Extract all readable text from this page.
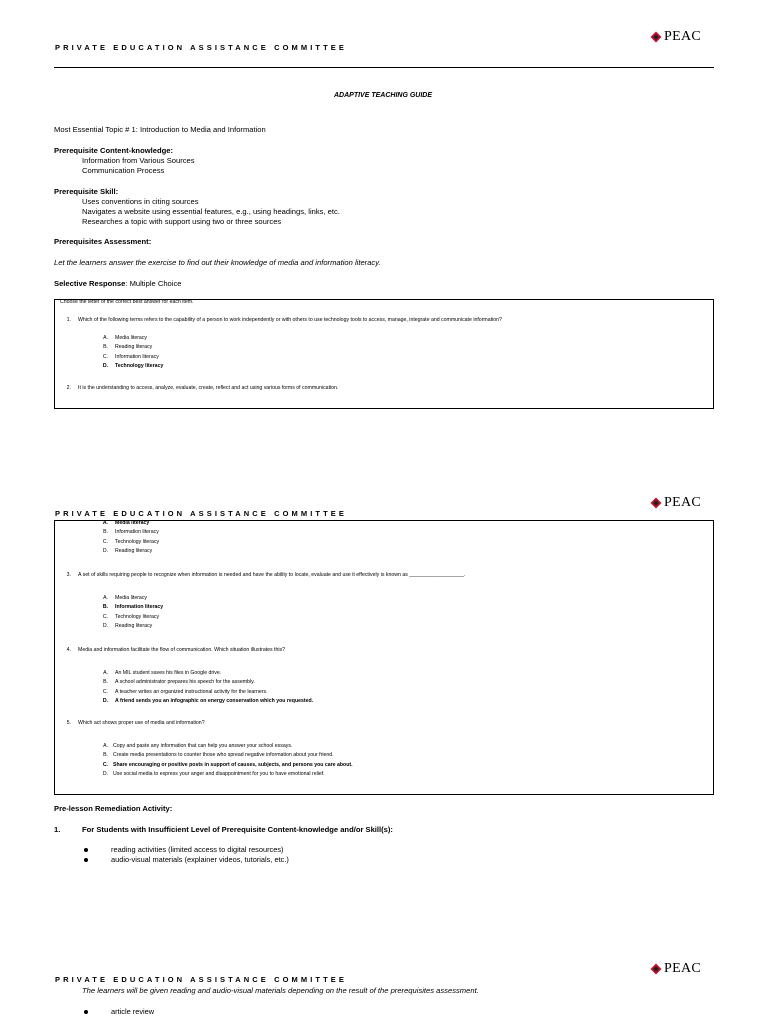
PRIVATE EDUCATION ASSISTANCE COMMITTEE
PEAC
ADAPTIVE TEACHING GUIDE
Most Essential Topic # 1: Introduction to Media and Information
Prerequisite Content-knowledge:
Information from Various Sources
Communication Process
Prerequisite Skill:
Uses conventions in citing sources
Navigates a website using essential features, e.g., using headings, links, etc.
Researches a topic with support using two or three sources
Prerequisites Assessment:
Let the learners answer the exercise to find out their knowledge of media and information literacy.
Selective Response: Multiple Choice
Choose the letter of the correct best answer for each item.
1. Which of the following terms refers to the capability of a person to work independently or with others to use technology tools to access, manage, integrate and communicate information?
A. Media literacy
B. Reading literacy
C. Information literacy
D. Technology literacy
2. It is the understanding to access, analyze, evaluate, create, reflect and act using various forms of communication.
PRIVATE EDUCATION ASSISTANCE COMMITTEE
PEAC
A. Media literacy
B. Information literacy
C. Technology literacy
D. Reading literacy
3. A set of skills requiring people to recognize when information is needed and have the ability to locate, evaluate and use it effectively is known as ___________________.
A. Media literacy
B. Information literacy
C. Technology literacy
D. Reading literacy
4. Media and information facilitate the flow of communication. Which situation illustrates this?
A. An MIL student saves his files in Google drive.
B. A school administrator prepares his speech for the assembly.
C. A teacher writes an organized instructional activity for the learners.
D. A friend sends you an infographic on energy conservation which you requested.
5. Which act shows proper use of media and information?
A. Copy and paste any information that can help you answer your school essays.
B. Create media presentations to counter those who spread negative information about your friend.
C. Share encouraging or positive posts in support of causes, subjects, and persons you care about.
D. Use social media to express your anger and disappointment for you to have emotional relief.
Pre-lesson Remediation Activity:
1.	For Students with Insufficient Level of Prerequisite Content-knowledge and/or Skill(s):
reading activities (limited access to digital resources)
audio-visual materials (explainer videos, tutorials, etc.)
PRIVATE EDUCATION ASSISTANCE COMMITTEE
PEAC
The learners will be given reading and audio-visual materials depending on the result of the prerequisites assessment.
article review
